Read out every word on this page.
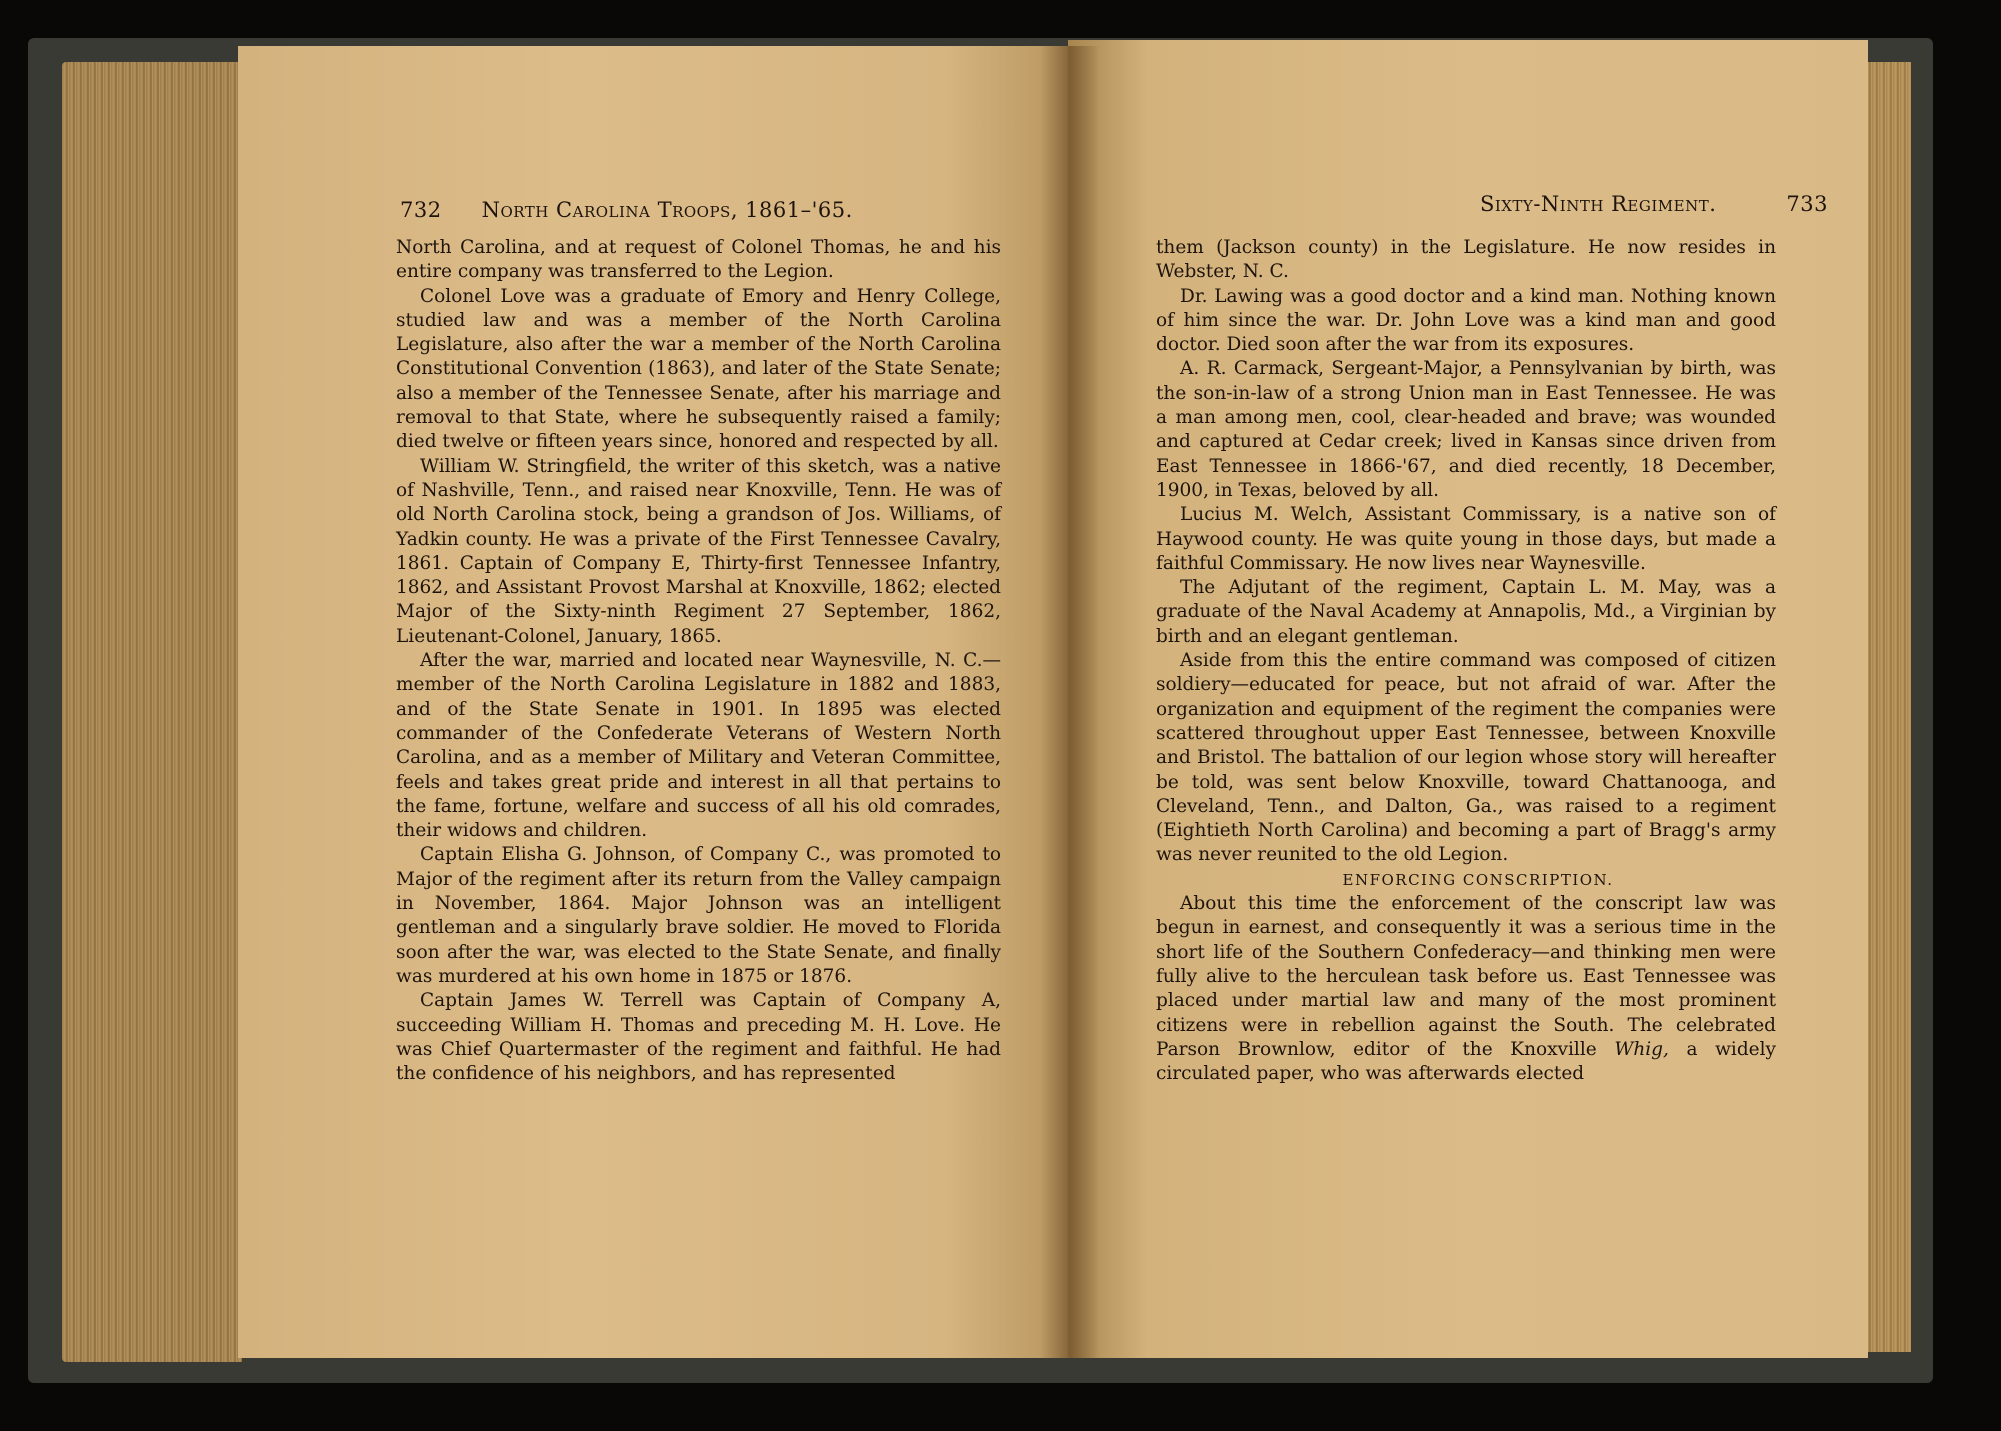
732 North Carolina Troops, 1861–'65.

North Carolina, and at request of Colonel Thomas, he and his entire company was transferred to the Legion.

Colonel Love was a graduate of Emory and Henry College, studied law and was a member of the North Carolina Legislature, also after the war a member of the North Carolina Constitutional Convention (1863), and later of the State Senate; also a member of the Tennessee Senate, after his marriage and removal to that State, where he subsequently raised a family; died twelve or fifteen years since, honored and respected by all.

William W. Stringfield, the writer of this sketch, was a native of Nashville, Tenn., and raised near Knoxville, Tenn. He was of old North Carolina stock, being a grandson of Jos. Williams, of Yadkin county. He was a private of the First Tennessee Cavalry, 1861. Captain of Company E, Thirty-first Tennessee Infantry, 1862, and Assistant Provost Marshal at Knoxville, 1862; elected Major of the Sixty-ninth Regiment 27 September, 1862, Lieutenant-Colonel, January, 1865.

After the war, married and located near Waynesville, N. C.—member of the North Carolina Legislature in 1882 and 1883, and of the State Senate in 1901. In 1895 was elected commander of the Confederate Veterans of Western North Carolina, and as a member of Military and Veteran Committee, feels and takes great pride and interest in all that pertains to the fame, fortune, welfare and success of all his old comrades, their widows and children.

Captain Elisha G. Johnson, of Company C., was promoted to Major of the regiment after its return from the Valley campaign in November, 1864. Major Johnson was an intelligent gentleman and a singularly brave soldier. He moved to Florida soon after the war, was elected to the State Senate, and finally was murdered at his own home in 1875 or 1876.

Captain James W. Terrell was Captain of Company A, succeeding William H. Thomas and preceding M. H. Love. He was Chief Quartermaster of the regiment and faithful. He had the confidence of his neighbors, and has represented

Sixty-Ninth Regiment.	733

them (Jackson county) in the Legislature. He now resides in Webster, N. C.

Dr. Lawing was a good doctor and a kind man. Nothing known of him since the war. Dr. John Love was a kind man and good doctor. Died soon after the war from its exposures.

A. R. Carmack, Sergeant-Major, a Pennsylvanian by birth, was the son-in-law of a strong Union man in East Tennessee. He was a man among men, cool, clear-headed and brave; was wounded and captured at Cedar creek; lived in Kansas since driven from East Tennessee in 1866-'67, and died recently, 18 December, 1900, in Texas, beloved by all.

Lucius M. Welch, Assistant Commissary, is a native son of Haywood county. He was quite young in those days, but made a faithful Commissary. He now lives near Waynesville.

The Adjutant of the regiment, Captain L. M. May, was a graduate of the Naval Academy at Annapolis, Md., a Virginian by birth and an elegant gentleman.

Aside from this the entire command was composed of citizen soldiery—educated for peace, but not afraid of war. After the organization and equipment of the regiment the companies were scattered throughout upper East Tennessee, between Knoxville and Bristol. The battalion of our legion whose story will hereafter be told, was sent below Knoxville, toward Chattanooga, and Cleveland, Tenn., and Dalton, Ga., was raised to a regiment (Eightieth North Carolina) and becoming a part of Bragg's army was never reunited to the old Legion.

ENFORCING CONSCRIPTION.

About this time the enforcement of the conscript law was begun in earnest, and consequently it was a serious time in the short life of the Southern Confederacy—and thinking men were fully alive to the herculean task before us. East Tennessee was placed under martial law and many of the most prominent citizens were in rebellion against the South. The celebrated Parson Brownlow, editor of the Knoxville Whig, a widely circulated paper, who was afterwards elected
